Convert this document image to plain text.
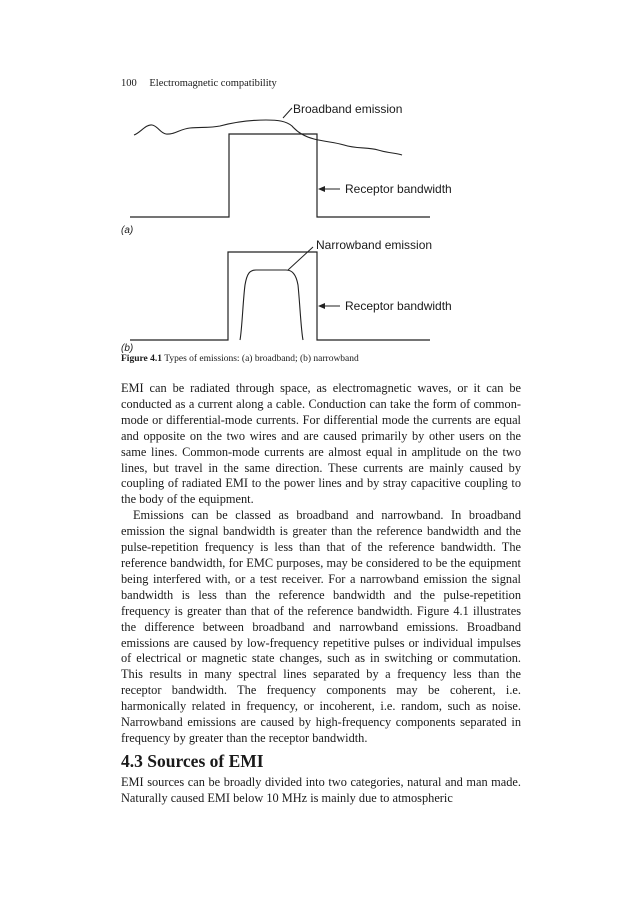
100 Electromagnetic compatibility
Broadband emission
Receptor bandwidth
(a)
Narrowband emission
Receptor bandwidth
(b)
Figure 4.1 Types of emissions: (a) broadband; (b) narrowband

EMI can be radiated through space, as electromagnetic waves, or it can be conducted as a current along a cable. Conduction can take the form of common-mode or differential-mode currents. For differential mode the currents are equal and opposite on the two wires and are caused primarily by other users on the same lines. Common-mode currents are almost equal in amplitude on the two lines, but travel in the same direction. These currents are mainly caused by coupling of radiated EMI to the power lines and by stray capacitive coupling to the body of the equipment.

Emissions can be classed as broadband and narrowband. In broadband emission the signal bandwidth is greater than the reference bandwidth and the pulse-repetition frequency is less than that of the reference bandwidth. The reference bandwidth, for EMC purposes, may be considered to be the equipment being interfered with, or a test receiver. For a narrowband emission the signal bandwidth is less than the reference bandwidth and the pulse-repetition frequency is greater than that of the reference bandwidth. Figure 4.1 illustrates the difference between broadband and narrowband emissions. Broadband emissions are caused by low-frequency repetitive pulses or individual impulses of electrical or magnetic state changes, such as in switching or commutation. This results in many spectral lines separated by a frequency less than the receptor bandwidth. The frequency components may be coherent, i.e. harmonically related in frequency, or incoherent, i.e. random, such as noise. Narrowband emissions are caused by high-frequency components separated in frequency by greater than the receptor bandwidth.

4.3 Sources of EMI

EMI sources can be broadly divided into two categories, natural and man made. Naturally caused EMI below 10 MHz is mainly due to atmospheric
